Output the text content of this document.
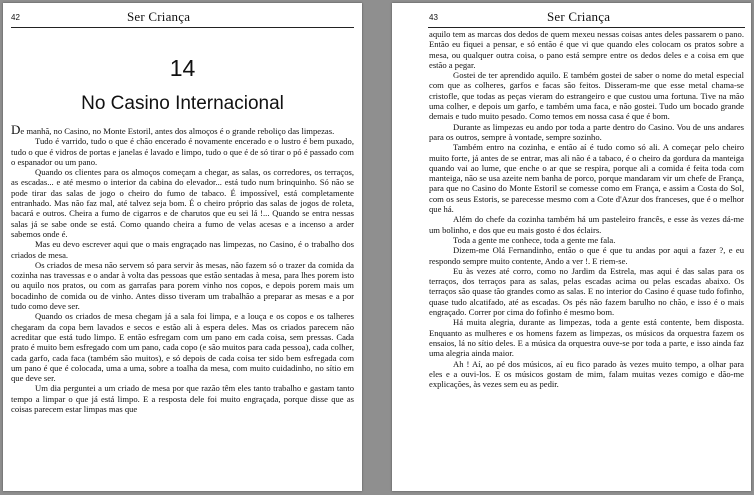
42	Ser Criança
14
No Casino Internacional

De manhã, no Casino, no Monte Estoril, antes dos almoços é o grande reboliço das limpezas.

Tudo é varrido, tudo o que é chão encerado é novamente encerado e o lustro é bem puxado, tudo o que é vidros de portas e janelas é lavado e limpo, tudo o que é de só tirar o pó é passado com o espanador ou um pano.

Quando os clientes para os almoços começam a chegar, as salas, os corredores, os terraços, as escadas... e até mesmo o interior da cabina do elevador... está tudo num brinquinho. Só não se pode tirar das salas de jogo o cheiro do fumo de tabaco. É impossível, está completamente entranhado. Mas não faz mal, até talvez seja bom. É o cheiro próprio das salas de jogos de roleta, bacará e outros. Cheira a fumo de cigarros e de charutos que eu sei lá !... Quando se entra nessas salas já se sabe onde se está. Como quando cheira a fumo de velas acesas e a incenso a arder sabemos onde é.

Mas eu devo escrever aqui que o mais engraçado nas limpezas, no Casino, é o trabalho dos criados de mesa.

Os criados de mesa não servem só para servir às mesas, não fazem só o trazer da comida da cozinha nas travessas e o andar à volta das pessoas que estão sentadas à mesa, para lhes porem isto ou aquilo nos pratos, ou com as garrafas para porem vinho nos copos, e depois porem mais um bocadinho de comida ou de vinho. Antes disso tiveram um trabalhão a preparar as mesas e a por tudo como deve ser.

Quando os criados de mesa chegam já a sala foi limpa, e a louça e os copos e os talheres chegaram da copa bem lavados e secos e estão ali à espera deles. Mas os criados parecem não acreditar que está tudo limpo. E então esfregam com um pano em cada coisa, sem pressas. Cada prato é muito bem esfregado com um pano, cada copo (e são muitos para cada pessoa), cada colher, cada garfo, cada faca (também são muitos), e só depois de cada coisa ter sido bem esfregada com um pano é que é colocada, uma a uma, sobre a toalha da mesa, com muito cuidadinho, no sítio em que deve ser.

Um dia perguntei a um criado de mesa por que razão têm eles tanto trabalho e gastam tanto tempo a limpar o que já está limpo. E a resposta dele foi muito engraçada, porque disse que as coisas parecem estar limpas mas que

43	Ser Criança

aquilo tem as marcas dos dedos de quem mexeu nessas coisas antes deles passarem o pano. Então eu fiquei a pensar, e só então é que vi que quando eles colocam os pratos sobre a mesa, ou qualquer outra coisa, o pano está sempre entre os dedos deles e a coisa em que estão a pegar.

Gostei de ter aprendido aquilo. E também gostei de saber o nome do metal especial com que as colheres, garfos e facas são feitos. Disseram-me que esse metal chama-se cristofle, que todas as peças vieram do estrangeiro e que custou uma fortuna. Tive na mão uma colher, e depois um garfo, e também uma faca, e não gostei. Tudo um bocado grande demais e tudo muito pesado. Como temos em nossa casa é que é bom.

Durante as limpezas eu ando por toda a parte dentro do Casino. Vou de uns andares para os outros, sempre à vontade, sempre sozinho.

Também entro na cozinha, e então aí é tudo como só ali. A começar pelo cheiro muito forte, já antes de se entrar, mas ali não é a tabaco, é o cheiro da gordura da manteiga quando vai ao lume, que enche o ar que se respira, porque ali a comida é feita toda com manteiga, não se usa azeite nem banha de porco, porque mandaram vir um chefe de França, para que no Casino do Monte Estoril se comesse como em França, e assim a Costa do Sol, com os seus Estoris, se parecesse mesmo com a Cote d'Azur dos franceses, que é o melhor que há.

Além do chefe da cozinha também há um pasteleiro francês, e esse às vezes dá-me um bolinho, e dos que eu mais gosto é dos éclairs.

Toda a gente me conhece, toda a gente me fala.

Dizem-me Olá Fernandinho, então o que é que tu andas por aqui a fazer ?, e eu respondo sempre muito contente, Ando a ver !. E riem-se.

Eu às vezes até corro, como no Jardim da Estrela, mas aqui é das salas para os terraços, dos terraços para as salas, pelas escadas acima ou pelas escadas abaixo. Os terraços são quase tão grandes como as salas. E no interior do Casino é quase tudo fofinho, quase tudo alcatifado, até as escadas. Os pés não fazem barulho no chão, e isso é o mais engraçado. Correr por cima do fofinho é mesmo bom.

Há muita alegria, durante as limpezas, toda a gente está contente, bem disposta. Enquanto as mulheres e os homens fazem as limpezas, os músicos da orquestra fazem os ensaios, lá no sítio deles. E a música da orquestra ouve-se por toda a parte, e isso ainda faz uma alegria ainda maior.

Ah ! Aí, ao pé dos músicos, aí eu fico parado às vezes muito tempo, a olhar para eles e a ouvi-los. E os músicos gostam de mim, falam muitas vezes comigo e dão-me explicações, às vezes sem eu as pedir.
